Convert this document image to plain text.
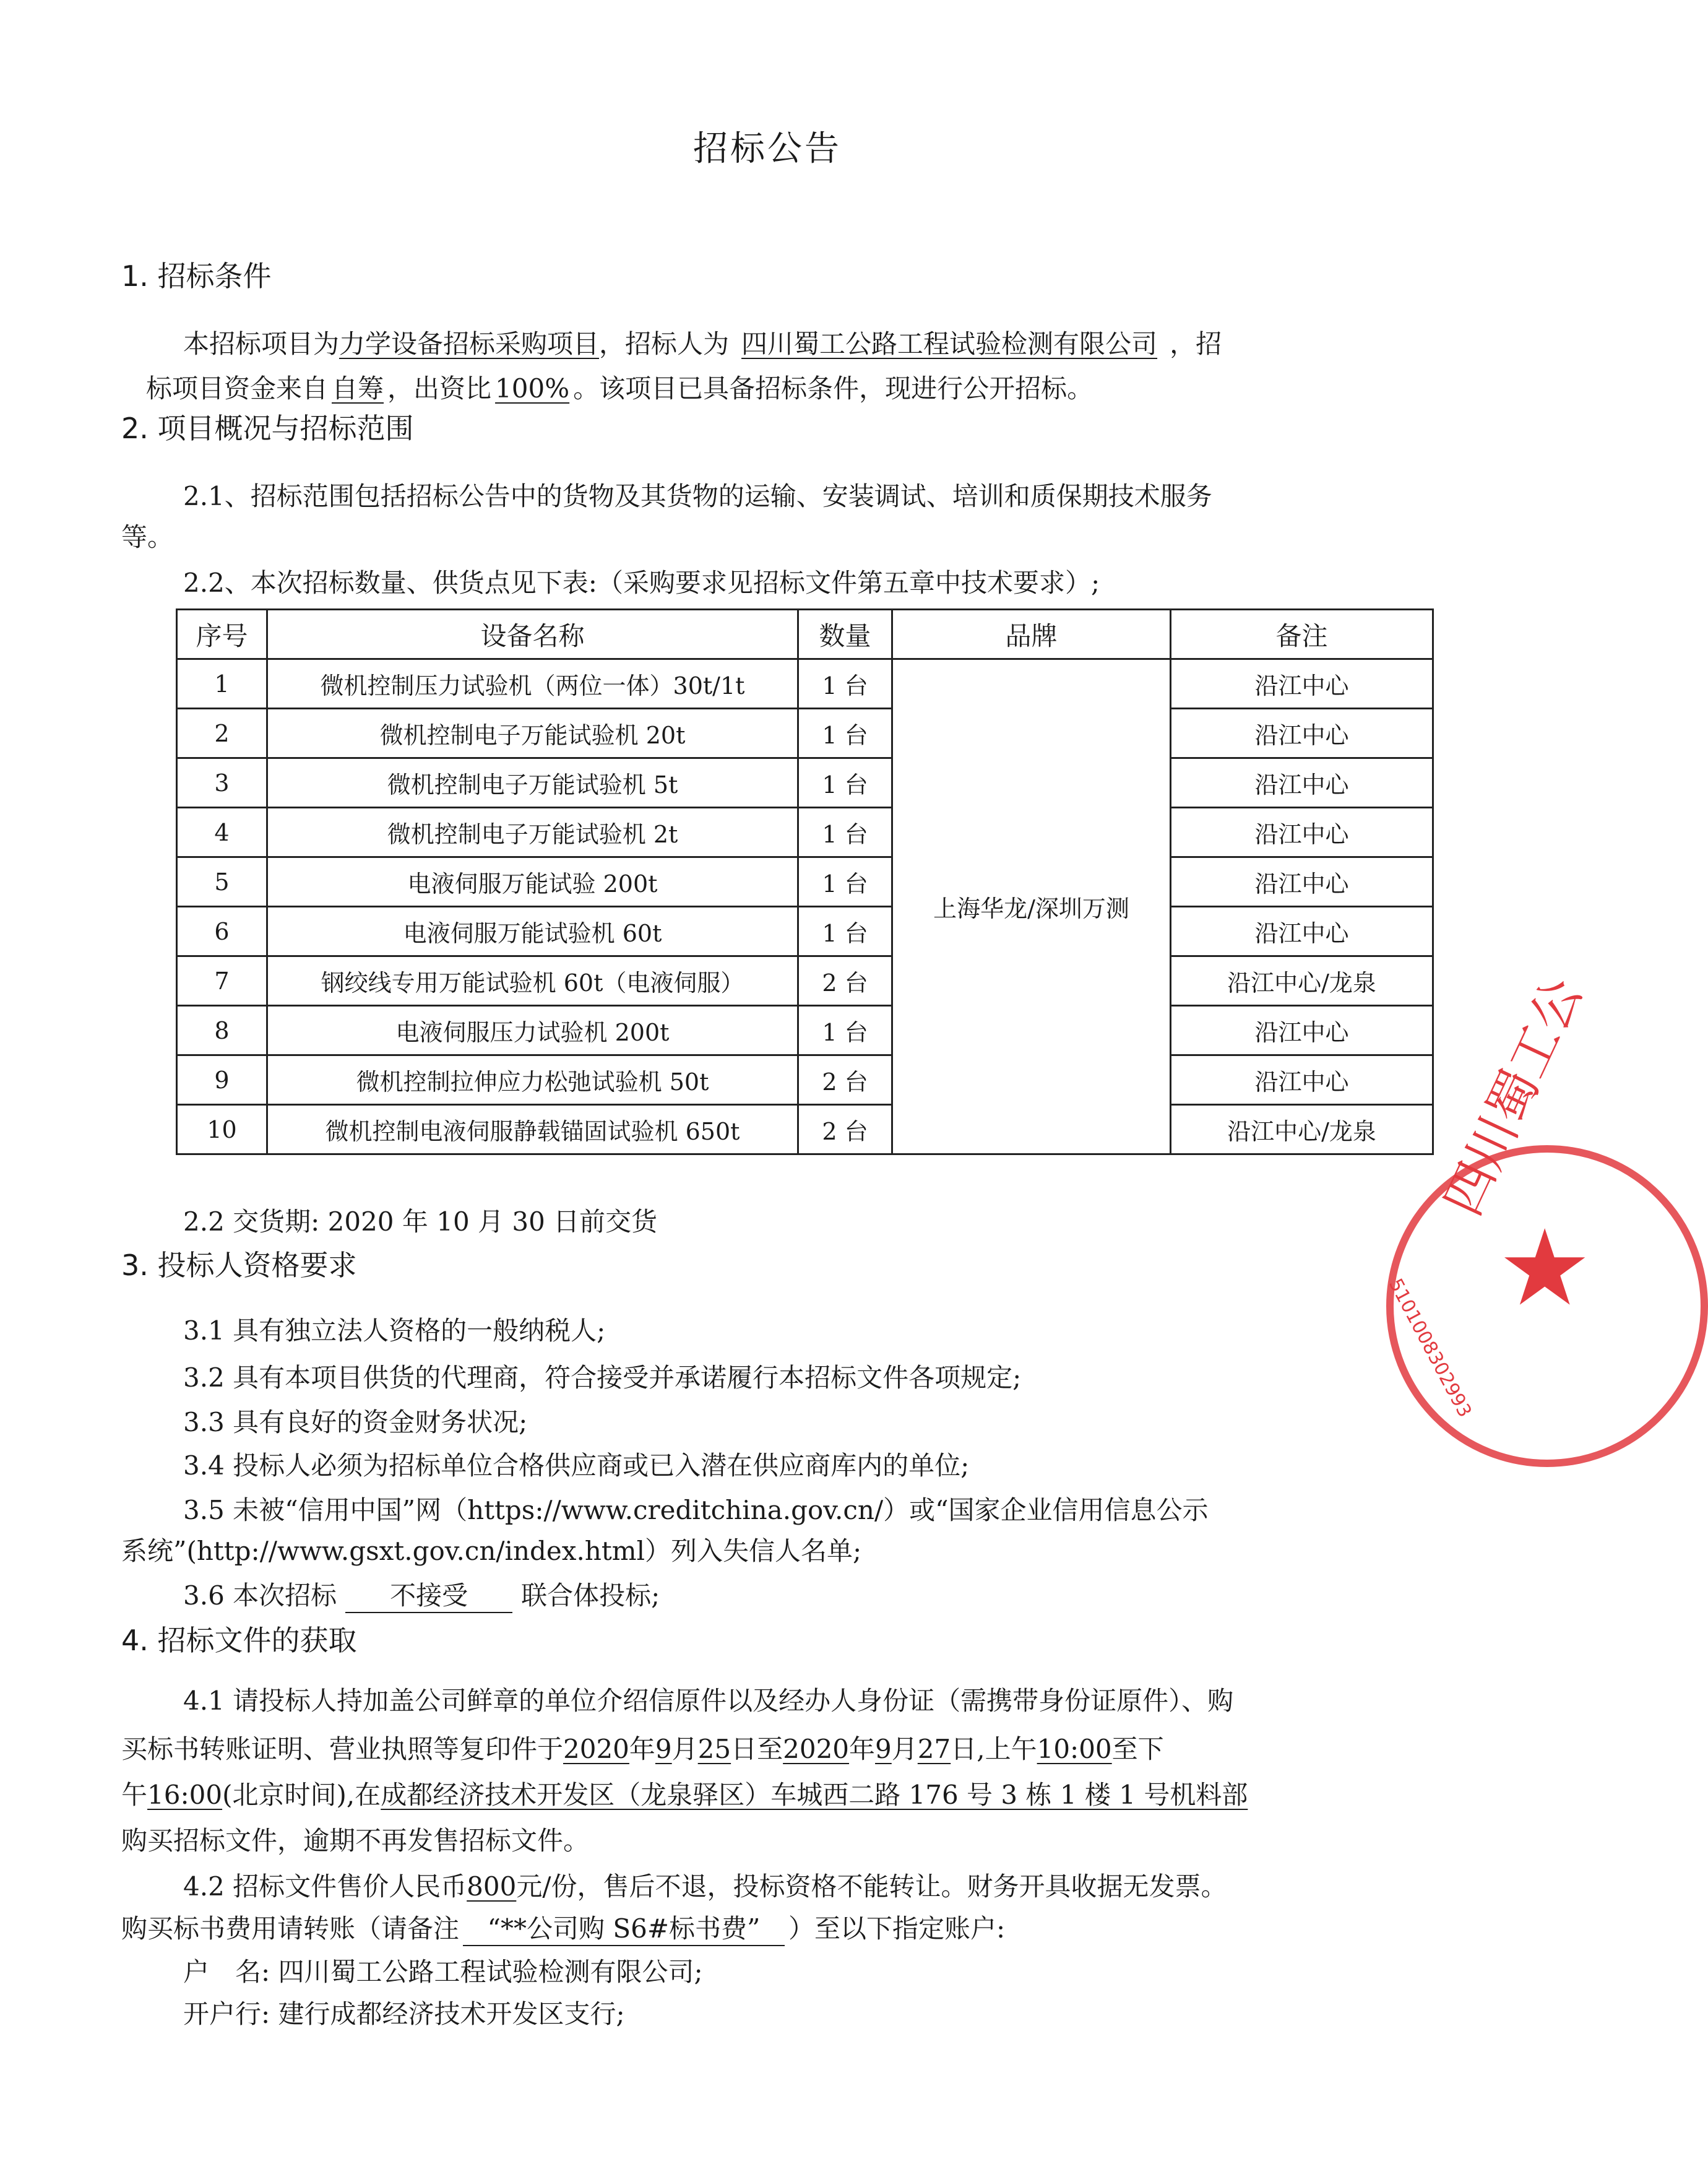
招标公告
1. 招标条件
本招标项目为力学设备招标采购项目，招标人为 四川蜀工公路工程试验检测有限公司 ，招
标项目资金来自 自筹 ，出资比 100% 。该项目已具备招标条件，现进行公开招标。
2. 项目概况与招标范围
2.1、招标范围包括招标公告中的货物及其货物的运输、安装调试、培训和质保期技术服务
等。
2.2、本次招标数量、供货点见下表:（采购要求见招标文件第五章中技术要求）;
序号	设备名称	数量	品牌	备注
1	微机控制压力试验机（两位一体）30t/1t	1 台	上海华龙/深圳万测	沿江中心
2	微机控制电子万能试验机 20t	1 台		沿江中心
3	微机控制电子万能试验机 5t	1 台		沿江中心
4	微机控制电子万能试验机 2t	1 台		沿江中心
5	电液伺服万能试验 200t	1 台		沿江中心
6	电液伺服万能试验机 60t	1 台		沿江中心
7	钢绞线专用万能试验机 60t（电液伺服）	2 台		沿江中心/龙泉
8	电液伺服压力试验机 200t	1 台		沿江中心
9	微机控制拉伸应力松弛试验机 50t	2 台		沿江中心
10	微机控制电液伺服静载锚固试验机 650t	2 台		沿江中心/龙泉
2.2 交货期: 2020 年 10 月 30 日前交货
3. 投标人资格要求
3.1 具有独立法人资格的一般纳税人;
3.2 具有本项目供货的代理商，符合接受并承诺履行本招标文件各项规定;
3.3 具有良好的资金财务状况;
3.4 投标人必须为招标单位合格供应商或已入潜在供应商库内的单位;
3.5 未被“信用中国”网（https://www.creditchina.gov.cn/）或“国家企业信用信息公示
系统”(http://www.gsxt.gov.cn/index.html）列入失信人名单;
3.6 本次招标 不接受 联合体投标;
4. 招标文件的获取
4.1 请投标人持加盖公司鲜章的单位介绍信原件以及经办人身份证（需携带身份证原件）、购
买标书转账证明、营业执照等复印件于2020年9月25日至2020年9月27日,上午10:00至下
午16:00(北京时间),在成都经济技术开发区（龙泉驿区）车城西二路 176 号 3 栋 1 楼 1 号机料部
购买招标文件，逾期不再发售招标文件。
4.2 招标文件售价人民币800元/份，售后不退，投标资格不能转让。财务开具收据无发票。
购买标书费用请转账（请备注 “**公司购 S6#标书费” ）至以下指定账户:
户　名: 四川蜀工公路工程试验检测有限公司;
开户行: 建行成都经济技术开发区支行;
四川蜀工公
5101008302993
★
